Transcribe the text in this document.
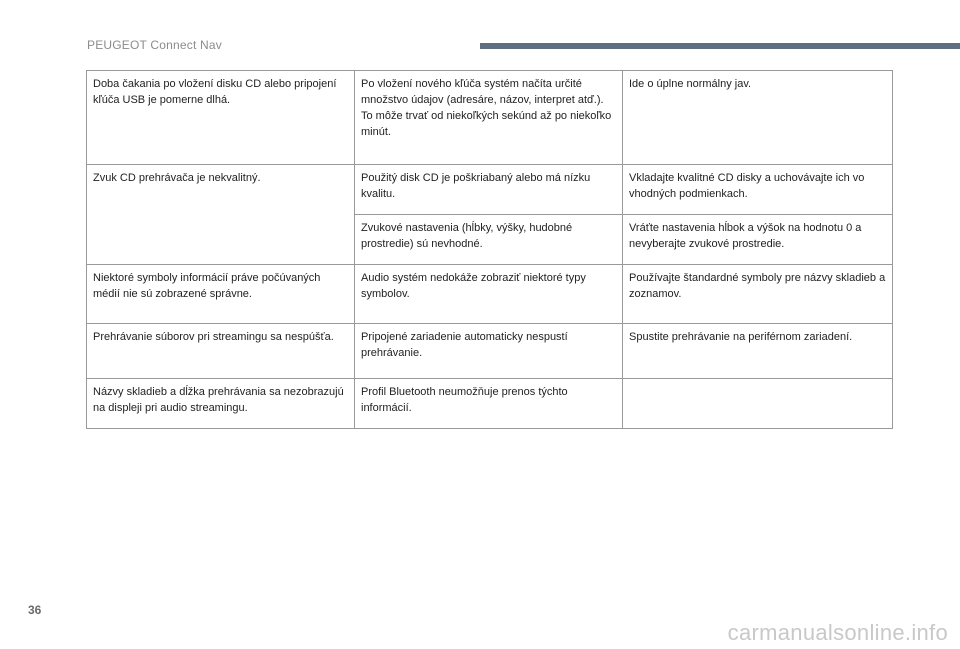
PEUGEOT Connect Nav
Doba čakania po vložení disku CD alebo pripojení kľúča USB je pomerne dlhá.	Po vložení nového kľúča systém načíta určité množstvo údajov (adresáre, názov, interpret atď.). To môže trvať od niekoľkých sekúnd až po niekoľko minút.	Ide o úplne normálny jav.
Zvuk CD prehrávača je nekvalitný.	Použitý disk CD je poškriabaný alebo má nízku kvalitu.	Vkladajte kvalitné CD disky a uchovávajte ich vo vhodných podmienkach.
	Zvukové nastavenia (hĺbky, výšky, hudobné prostredie) sú nevhodné.	Vráťte nastavenia hĺbok a výšok na hodnotu 0 a nevyberajte zvukové prostredie.
Niektoré symboly informácií práve počúvaných médií nie sú zobrazené správne.	Audio systém nedokáže zobraziť niektoré typy symbolov.	Používajte štandardné symboly pre názvy skladieb a zoznamov.
Prehrávanie súborov pri streamingu sa nespúšťa.	Pripojené zariadenie automaticky nespustí prehrávanie.	Spustite prehrávanie na periférnom zariadení.
Názvy skladieb a dĺžka prehrávania sa nezobrazujú na displeji pri audio streamingu.	Profil Bluetooth neumožňuje prenos týchto informácií.	
36
carmanualsonline.info
